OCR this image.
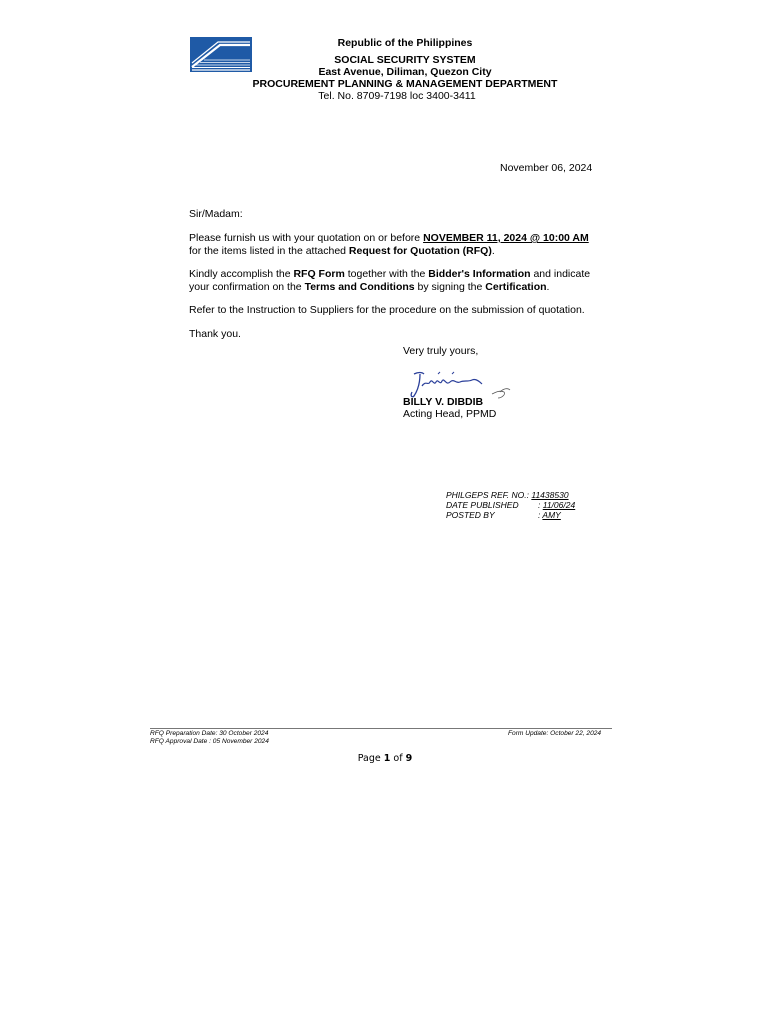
Republic of the Philippines
SOCIAL SECURITY SYSTEM
East Avenue, Diliman, Quezon City
PROCUREMENT PLANNING & MANAGEMENT DEPARTMENT
Tel. No. 8709-7198 loc 3400-3411
November 06, 2024
Sir/Madam:
Please furnish us with your quotation on or before NOVEMBER 11, 2024 @ 10:00 AM
for the items listed in the attached Request for Quotation (RFQ).
Kindly accomplish the RFQ Form together with the Bidder's Information and indicate
your confirmation on the Terms and Conditions by signing the Certification.
Refer to the Instruction to Suppliers for the procedure on the submission of quotation.
Thank you.
Very truly yours,
BILLY V. DIBDIB
Acting Head, PPMD
PHILGEPS REF. NO.: 11438530
DATE PUBLISHED : 11/06/24
POSTED BY	: AMY
RFQ Preparation Date: 30 October 2024
RFQ Approval Date : 05 November 2024
Form Update: October 22, 2024
Page 1 of 9
